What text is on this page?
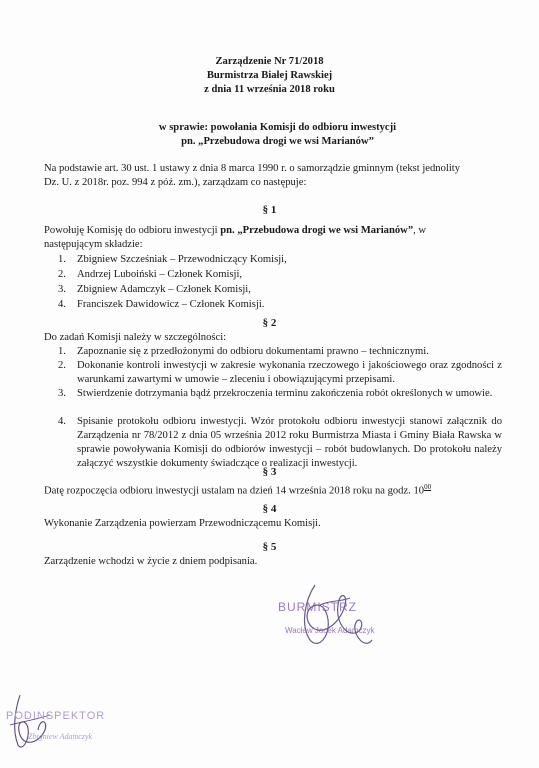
Zarządzenie Nr 71/2018
Burmistrza Białej Rawskiej
z dnia 11 września 2018 roku
w sprawie: powołania Komisji do odbioru inwestycji
pn. „Przebudowa drogi we wsi Marianów”
Na podstawie art. 30 ust. 1 ustawy z dnia 8 marca 1990 r. o samorządzie gminnym (tekst jednolity
Dz. U. z 2018r. poz. 994 z póź. zm.), zarządzam co następuje:
§ 1
Powołuję Komisję do odbioru inwestycji pn. „Przebudowa drogi we wsi Marianów”, w
następującym składzie:
1. Zbigniew Szcześniak – Przewodniczący Komisji,
2. Andrzej Luboiński – Członek Komisji,
3. Zbigniew Adamczyk – Członek Komisji,
4. Franciszek Dawidowicz – Członek Komisji.
§ 2
Do zadań Komisji należy w szczególności:
1. Zapoznanie się z przedłożonymi do odbioru dokumentami prawno – technicznymi.
2. Dokonanie kontroli inwestycji w zakresie wykonania rzeczowego i jakościowego oraz zgodności z warunkami zawartymi w umowie – zleceniu i obowiązującymi przepisami.
3. Stwierdzenie dotrzymania bądź przekroczenia terminu zakończenia robót określonych w umowie.
4. Spisanie protokołu odbioru inwestycji. Wzór protokołu odbioru inwestycji stanowi załącznik do Zarządzenia nr 78/2012 z dnia 05 września 2012 roku Burmistrza Miasta i Gminy Biała Rawska w sprawie powoływania Komisji do odbiorów inwestycji – robót budowlanych. Do protokołu należy załączyć wszystkie dokumenty świadczące o realizacji inwestycji.
§ 3
Datę rozpoczęcia odbioru inwestycji ustalam na dzień 14 września 2018 roku na godz. $10^{00}$
§ 4
Wykonanie Zarządzenia powierzam Przewodniczącemu Komisji.
§ 5
Zarządzenie wchodzi w życie z dniem podpisania.
BURMISTRZ
Wacław Jacek Adamczyk
PODINSPEKTOR
Zbigniew Adamczyk
